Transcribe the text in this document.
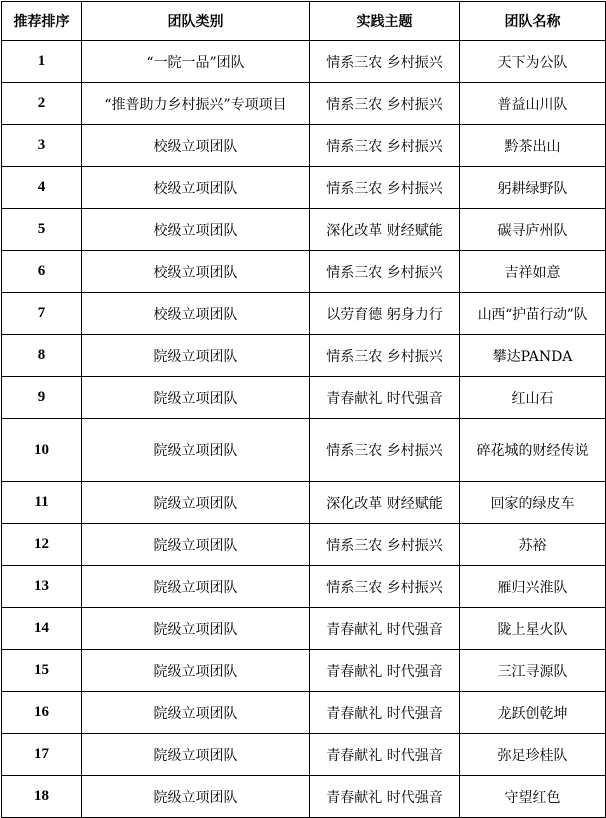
推荐排序	团队类别	实践主题	团队名称
1	“一院一品”团队	情系三农 乡村振兴	天下为公队
2	“推普助力乡村振兴”专项项目	情系三农 乡村振兴	普益山川队
3	校级立项团队	情系三农 乡村振兴	黔茶出山
4	校级立项团队	情系三农 乡村振兴	躬耕绿野队
5	校级立项团队	深化改革 财经赋能	碳寻庐州队
6	校级立项团队	情系三农 乡村振兴	吉祥如意
7	校级立项团队	以劳育德 躬身力行	山西“护苗行动”队
8	院级立项团队	情系三农 乡村振兴	攀达PANDA
9	院级立项团队	青春献礼 时代强音	红山石
10	院级立项团队	情系三农 乡村振兴	碎花城的财经传说
11	院级立项团队	深化改革 财经赋能	回家的绿皮车
12	院级立项团队	情系三农 乡村振兴	苏裕
13	院级立项团队	情系三农 乡村振兴	雁归兴淮队
14	院级立项团队	青春献礼 时代强音	陇上星火队
15	院级立项团队	青春献礼 时代强音	三江寻源队
16	院级立项团队	青春献礼 时代强音	龙跃创乾坤
17	院级立项团队	青春献礼 时代强音	弥足珍桂队
18	院级立项团队	青春献礼 时代强音	守望红色
